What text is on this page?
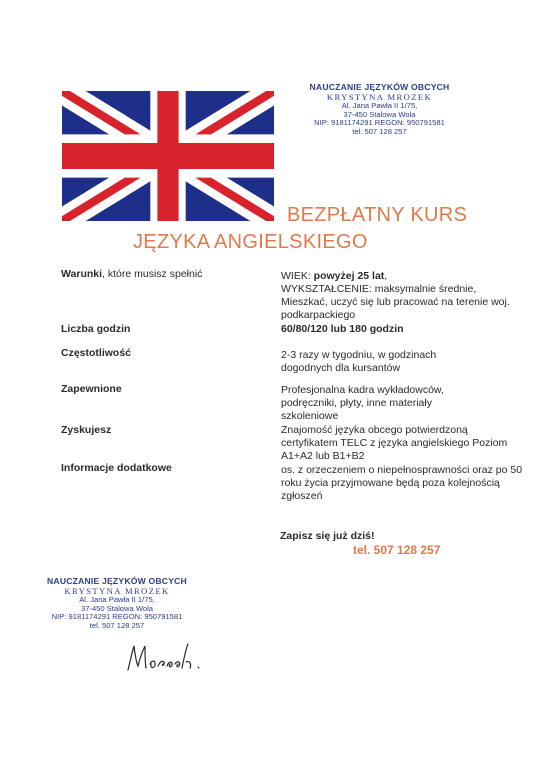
NAUCZANIE JĘZYKÓW OBCYCH
KRYSTYNA MROZEK
Al. Jana Pawła II 1/75,
37-450 Stalowa Wola
NIP: 9181174291 REGON: 950791581
tel. 507 128 257
BEZPŁATNY KURS
JĘZYKA ANGIELSKIEGO
Warunki, które musisz spełnić	WIEK: powyżej 25 lat,
WYKSZTAŁCENIE: maksymalnie średnie,
Mieszkać, uczyć się lub pracować na terenie woj. podkarpackiego
Liczba godzin	60/80/120 lub 180 godzin
Częstotliwość	2-3 razy w tygodniu, w godzinach dogodnych dla kursantów
Zapewnione	Profesjonalna kadra wykładowców, podręczniki, płyty, inne materiały szkoleniowe
Zyskujesz	Znajomość języka obcego potwierdzoną certyfikatem TELC z języka angielskiego Poziom A1+A2 lub B1+B2
Informacje dodatkowe	os. z orzeczeniem o niepełnosprawności oraz po 50 roku życia przyjmowane będą poza kolejnością zgłoszeń
Zapisz się już dziś!
tel. 507 128 257
NAUCZANIE JĘZYKÓW OBCYCH
KRYSTYNA MROZEK
Al. Jana Pawła II 1/75,
37-450 Stalowa Wola
NIP: 9181174291 REGON: 950791581
tel. 507 128 257
